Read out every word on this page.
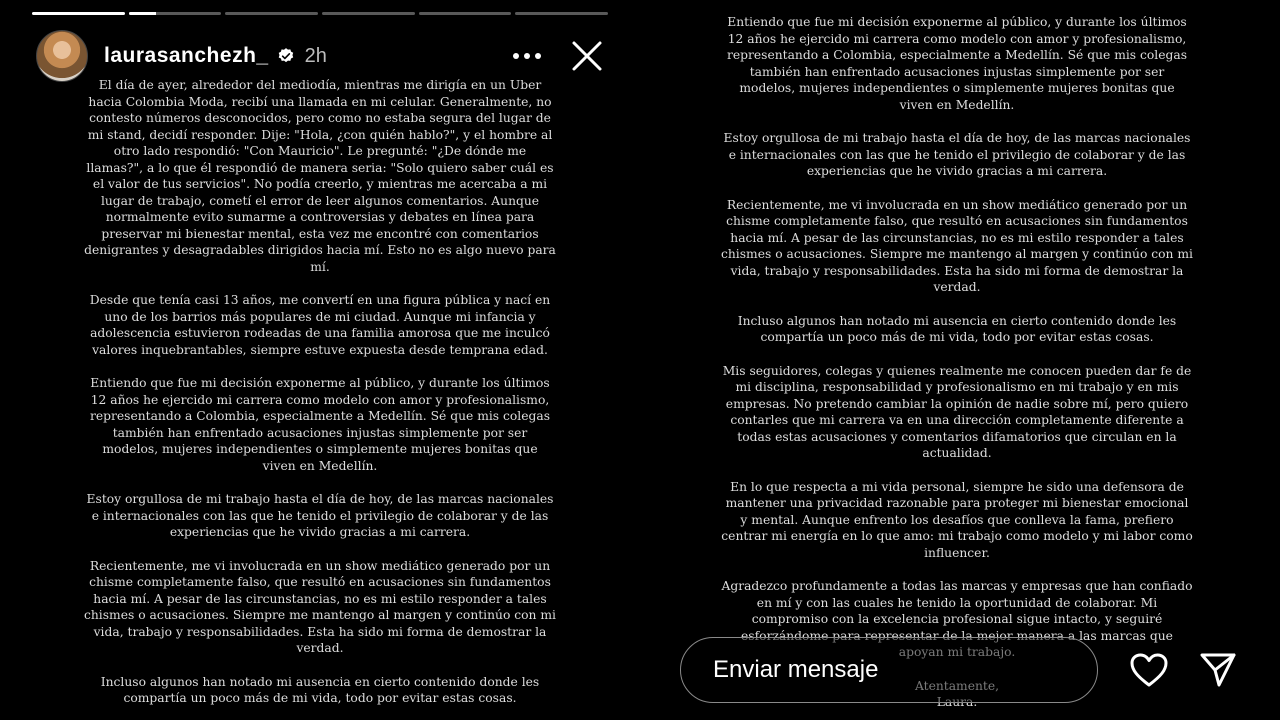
laurasanchezh_ 2h

El día de ayer, alrededor del mediodía, mientras me dirigía en un Uber hacia Colombia Moda, recibí una llamada en mi celular. Generalmente, no contesto números desconocidos, pero como no estaba segura del lugar de mi stand, decidí responder. Dije: "Hola, ¿con quién hablo?", y el hombre al otro lado respondió: "Con Mauricio". Le pregunté: "¿De dónde me llamas?", a lo que él respondió de manera seria: "Solo quiero saber cuál es el valor de tus servicios". No podía creerlo, y mientras me acercaba a mi lugar de trabajo, cometí el error de leer algunos comentarios. Aunque normalmente evito sumarme a controversias y debates en línea para preservar mi bienestar mental, esta vez me encontré con comentarios denigrantes y desagradables dirigidos hacia mí. Esto no es algo nuevo para mí.

Desde que tenía casi 13 años, me convertí en una figura pública y nací en uno de los barrios más populares de mi ciudad. Aunque mi infancia y adolescencia estuvieron rodeadas de una familia amorosa que me inculcó valores inquebrantables, siempre estuve expuesta desde temprana edad.

Entiendo que fue mi decisión exponerme al público, y durante los últimos 12 años he ejercido mi carrera como modelo con amor y profesionalismo, representando a Colombia, especialmente a Medellín. Sé que mis colegas también han enfrentado acusaciones injustas simplemente por ser modelos, mujeres independientes o simplemente mujeres bonitas que viven en Medellín.

Estoy orgullosa de mi trabajo hasta el día de hoy, de las marcas nacionales e internacionales con las que he tenido el privilegio de colaborar y de las experiencias que he vivido gracias a mi carrera.

Recientemente, me vi involucrada en un show mediático generado por un chisme completamente falso, que resultó en acusaciones sin fundamentos hacia mí. A pesar de las circunstancias, no es mi estilo responder a tales chismes o acusaciones. Siempre me mantengo al margen y continúo con mi vida, trabajo y responsabilidades. Esta ha sido mi forma de demostrar la verdad.

Incluso algunos han notado mi ausencia en cierto contenido donde les compartía un poco más de mi vida, todo por evitar estas cosas.

Entiendo que fue mi decisión exponerme al público, y durante los últimos 12 años he ejercido mi carrera como modelo con amor y profesionalismo, representando a Colombia, especialmente a Medellín. Sé que mis colegas también han enfrentado acusaciones injustas simplemente por ser modelos, mujeres independientes o simplemente mujeres bonitas que viven en Medellín.

Estoy orgullosa de mi trabajo hasta el día de hoy, de las marcas nacionales e internacionales con las que he tenido el privilegio de colaborar y de las experiencias que he vivido gracias a mi carrera.

Recientemente, me vi involucrada en un show mediático generado por un chisme completamente falso, que resultó en acusaciones sin fundamentos hacia mí. A pesar de las circunstancias, no es mi estilo responder a tales chismes o acusaciones. Siempre me mantengo al margen y continúo con mi vida, trabajo y responsabilidades. Esta ha sido mi forma de demostrar la verdad.

Incluso algunos han notado mi ausencia en cierto contenido donde les compartía un poco más de mi vida, todo por evitar estas cosas.

Mis seguidores, colegas y quienes realmente me conocen pueden dar fe de mi disciplina, responsabilidad y profesionalismo en mi trabajo y en mis empresas. No pretendo cambiar la opinión de nadie sobre mí, pero quiero contarles que mi carrera va en una dirección completamente diferente a todas estas acusaciones y comentarios difamatorios que circulan en la actualidad.

En lo que respecta a mi vida personal, siempre he sido una defensora de mantener una privacidad razonable para proteger mi bienestar emocional y mental. Aunque enfrento los desafíos que conlleva la fama, prefiero centrar mi energía en lo que amo: mi trabajo como modelo y mi labor como influencer.

Agradezco profundamente a todas las marcas y empresas que han confiado en mí y con las cuales he tenido la oportunidad de colaborar. Mi compromiso con la excelencia profesional sigue intacto, y seguiré esforzándome para representar de la mejor manera a las marcas que apoyan mi trabajo.

Atentamente,

Laura.

Enviar mensaje
